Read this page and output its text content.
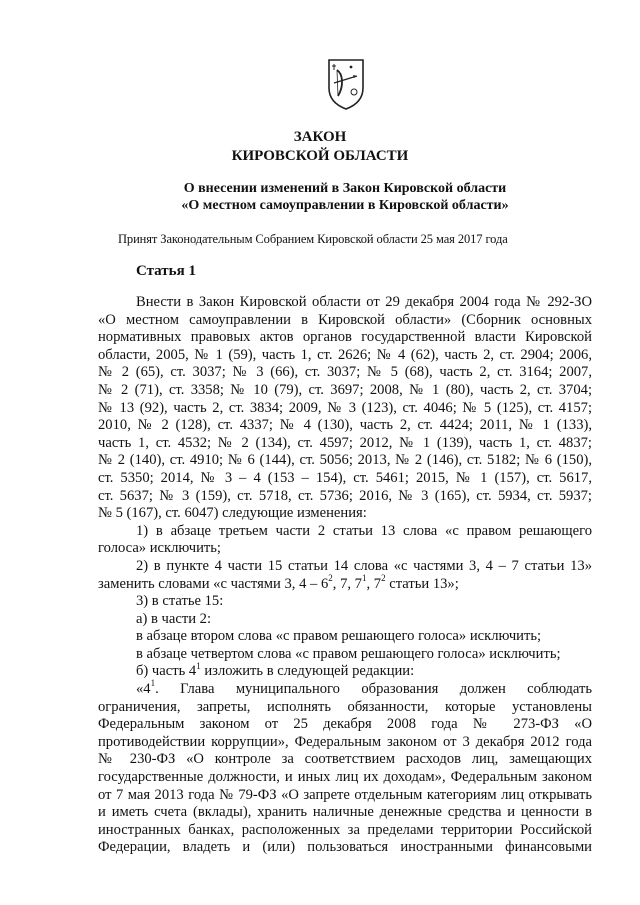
ЗАКОН
КИРОВСКОЙ ОБЛАСТИ
О внесении изменений в Закон Кировской области
«О местном самоуправлении в Кировской области»
Принят Законодательным Собранием Кировской области 25 мая 2017 года
Статья 1
Внести в Закон Кировской области от 29 декабря 2004 года № 292-ЗО
«О местном самоуправлении в Кировской области» (Сборник основных
нормативных правовых актов органов государственной власти Кировской
области, 2005, № 1 (59), часть 1, ст. 2626; № 4 (62), часть 2, ст. 2904; 2006,
№ 2 (65), ст. 3037; № 3 (66), ст. 3037; № 5 (68), часть 2, ст. 3164; 2007,
№ 2 (71), ст. 3358; № 10 (79), ст. 3697; 2008, № 1 (80), часть 2, ст. 3704;
№ 13 (92), часть 2, ст. 3834; 2009, № 3 (123), ст. 4046; № 5 (125), ст. 4157;
2010, № 2 (128), ст. 4337; № 4 (130), часть 2, ст. 4424; 2011, № 1 (133),
часть 1, ст. 4532; № 2 (134), ст. 4597; 2012, № 1 (139), часть 1, ст. 4837;
№ 2 (140), ст. 4910; № 6 (144), ст. 5056; 2013, № 2 (146), ст. 5182; № 6 (150),
ст. 5350; 2014, № 3 – 4 (153 – 154), ст. 5461; 2015, № 1 (157), ст. 5617,
ст. 5637; № 3 (159), ст. 5718, ст. 5736; 2016, № 3 (165), ст. 5934, ст. 5937;
№ 5 (167), ст. 6047) следующие изменения:
1) в абзаце третьем части 2 статьи 13 слова «с правом решающего
голоса» исключить;
2) в пункте 4 части 15 статьи 14 слова «с частями 3, 4 – 7 статьи 13»
заменить словами «с частями 3, $4 - 6^2$, 7, $7^1$, $7^2$ статьи 13»;
3) в статье 15:
а) в части 2:
в абзаце втором слова «с правом решающего голоса» исключить;
в абзаце четвертом слова «с правом решающего голоса» исключить;
б) часть $4^1$ изложить в следующей редакции:
«$4^1$. Глава муниципального образования должен соблюдать
ограничения, запреты, исполнять обязанности, которые установлены
Федеральным законом от 25 декабря 2008 года № 273-ФЗ «О
противодействии коррупции», Федеральным законом от 3 декабря 2012 года
№ 230-ФЗ «О контроле за соответствием расходов лиц, замещающих
государственные должности, и иных лиц их доходам», Федеральным законом
от 7 мая 2013 года № 79-ФЗ «О запрете отдельным категориям лиц открывать
и иметь счета (вклады), хранить наличные денежные средства и ценности в
иностранных банках, расположенных за пределами территории Российской
Федерации, владеть и (или) пользоваться иностранными финансовыми
